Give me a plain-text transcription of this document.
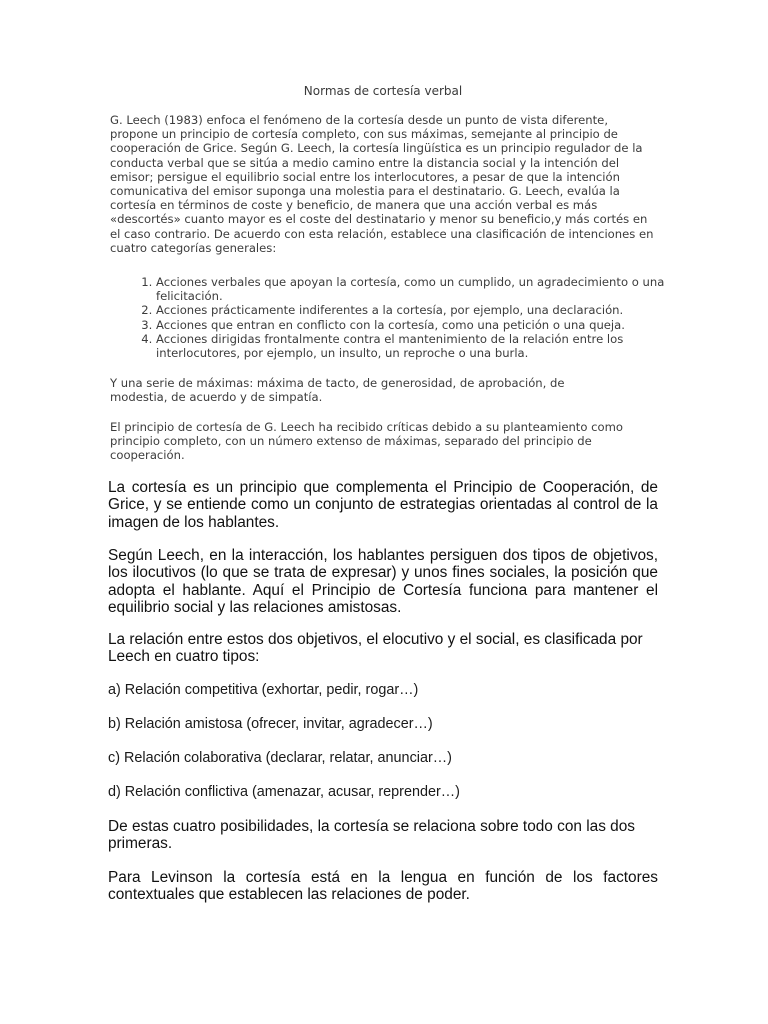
Normas de cortesía verbal

G. Leech (1983) enfoca el fenómeno de la cortesía desde un punto de vista diferente, propone un principio de cortesía completo, con sus máximas, semejante al principio de cooperación de Grice. Según G. Leech, la cortesía lingüística es un principio regulador de la conducta verbal que se sitúa a medio camino entre la distancia social y la intención del emisor; persigue el equilibrio social entre los interlocutores, a pesar de que la intención comunicativa del emisor suponga una molestia para el destinatario. G. Leech, evalúa la cortesía en términos de coste y beneficio, de manera que una acción verbal es más «descortés» cuanto mayor es el coste del destinatario y menor su beneficio,y más cortés en el caso contrario. De acuerdo con esta relación, establece una clasificación de intenciones en cuatro categorías generales:

1. Acciones verbales que apoyan la cortesía, como un cumplido, un agradecimiento o una felicitación.
2. Acciones prácticamente indiferentes a la cortesía, por ejemplo, una declaración.
3. Acciones que entran en conflicto con la cortesía, como una petición o una queja.
4. Acciones dirigidas frontalmente contra el mantenimiento de la relación entre los interlocutores, por ejemplo, un insulto, un reproche o una burla.

Y una serie de máximas: máxima de tacto, de generosidad, de aprobación, de modestia, de acuerdo y de simpatía.

El principio de cortesía de G. Leech ha recibido críticas debido a su planteamiento como principio completo, con un número extenso de máximas, separado del principio de cooperación.

La cortesía es un principio que complementa el Principio de Cooperación, de Grice, y se entiende como un conjunto de estrategias orientadas al control de la imagen de los hablantes.

Según Leech, en la interacción, los hablantes persiguen dos tipos de objetivos, los ilocutivos (lo que se trata de expresar) y unos fines sociales, la posición que adopta el hablante. Aquí el Principio de Cortesía funciona para mantener el equilibrio social y las relaciones amistosas.

La relación entre estos dos objetivos, el elocutivo y el social, es clasificada por Leech en cuatro tipos:

a) Relación competitiva (exhortar, pedir, rogar…)

b) Relación amistosa (ofrecer, invitar, agradecer…)

c) Relación colaborativa (declarar, relatar, anunciar…)

d) Relación conflictiva (amenazar, acusar, reprender…)

De estas cuatro posibilidades, la cortesía se relaciona sobre todo con las dos primeras.

Para Levinson la cortesía está en la lengua en función de los factores contextuales que establecen las relaciones de poder.
